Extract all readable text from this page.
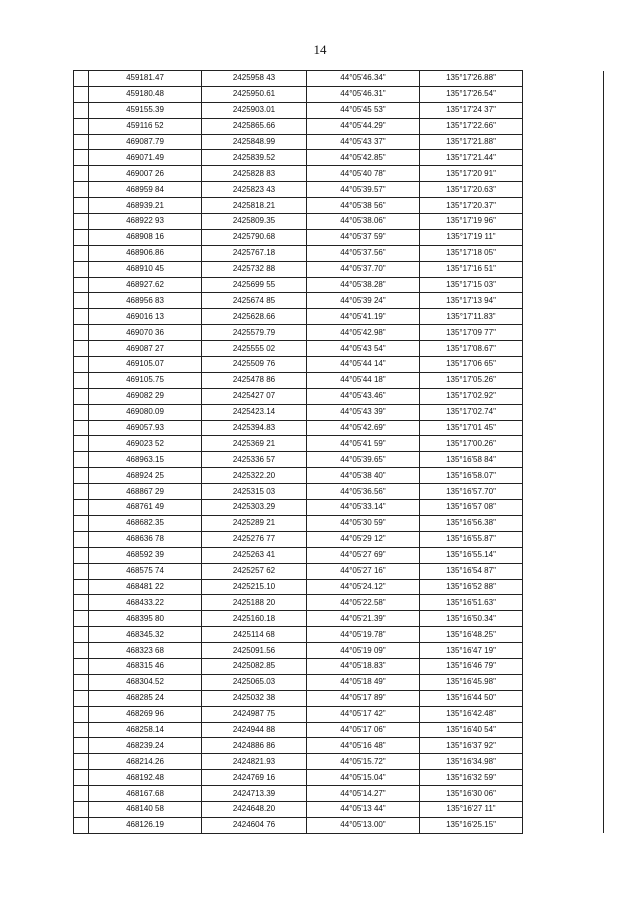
14
	459181.47	2425958 43	44°05'46.34"	135°17'26.88"	
	459180.48	2425950.61	44°05'46.31"	135°17'26.54"	
	459155.39	2425903.01	44°05'45 53"	135°17'24 37"	
	459116 52	2425865.66	44°05'44.29"	135°17'22.66"	
	469087.79	2425848.99	44°05'43 37"	135°17'21.88"	
	469071.49	2425839.52	44°05'42.85"	135°17'21.44"	
	469007 26	2425828 83	44°05'40 78"	135°17'20 91"	
	468959 84	2425823 43	44°05'39.57"	135°17'20.63"	
	468939.21	2425818.21	44°05'38 56"	135°17'20.37"	
	468922 93	2425809.35	44°05'38.06"	135°17'19 96"	
	468908 16	2425790.68	44°05'37 59"	135°17'19 11"	
	468906.86	2425767.18	44°05'37.56"	135°17'18 05"	
	468910 45	2425732 88	44°05'37.70"	135°17'16 51"	
	468927.62	2425699 55	44°05'38.28"	135°17'15 03"	
	468956 83	2425674 85	44°05'39 24"	135°17'13 94"	
	469016 13	2425628.66	44°05'41.19"	135°17'11.83"	
	469070 36	2425579.79	44°05'42.98"	135°17'09 77"	
	469087 27	2425555 02	44°05'43 54"	135°17'08.67"	
	469105.07	2425509 76	44°05'44 14"	135°17'06 65"	
	469105.75	2425478 86	44°05'44 18"	135°17'05.26"	
	469082 29	2425427 07	44°05'43.46"	135°17'02.92"	
	469080.09	2425423.14	44°05'43 39"	135°17'02.74"	
	469057.93	2425394.83	44°05'42.69"	135°17'01 45"	
	469023 52	2425369 21	44°05'41 59"	135°17'00.26"	
	468963.15	2425336 57	44°05'39.65"	135°16'58 84"	
	468924 25	2425322.20	44°05'38 40"	135°16'58.07"	
	468867 29	2425315 03	44°05'36.56"	135°16'57.70"	
	468761 49	2425303.29	44°05'33.14"	135°16'57 08"	
	468682.35	2425289 21	44°05'30 59"	135°16'56.38"	
	468636 78	2425276 77	44°05'29 12"	135°16'55.87"	
	468592 39	2425263 41	44°05'27 69"	135°16'55.14"	
	468575 74	2425257 62	44°05'27 16"	135°16'54 87"	
	468481 22	2425215.10	44°05'24.12"	135°16'52 88"	
	468433.22	2425188 20	44°05'22.58"	135°16'51.63"	
	468395 80	2425160.18	44°05'21.39"	135°16'50.34"	
	468345.32	2425114 68	44°05'19.78"	135°16'48.25"	
	468323 68	2425091.56	44°05'19 09"	135°16'47 19"	
	468315 46	2425082.85	44°05'18.83"	135°16'46 79"	
	468304.52	2425065.03	44°05'18 49"	135°16'45.98"	
	468285 24	2425032 38	44°05'17 89"	135°16'44 50"	
	468269 96	2424987 75	44°05'17 42"	135°16'42.48"	
	468258.14	2424944 88	44°05'17 06"	135°16'40 54"	
	468239.24	2424886 86	44°05'16 48"	135°16'37 92"	
	468214.26	2424821.93	44°05'15.72"	135°16'34.98"	
	468192.48	2424769 16	44°05'15.04"	135°16'32 59"	
	468167.68	2424713.39	44°05'14.27"	135°16'30 06"	
	468140 58	2424648.20	44°05'13 44"	135°16'27 11"	
	468126.19	2424604 76	44°05'13.00"	135°16'25.15"	
